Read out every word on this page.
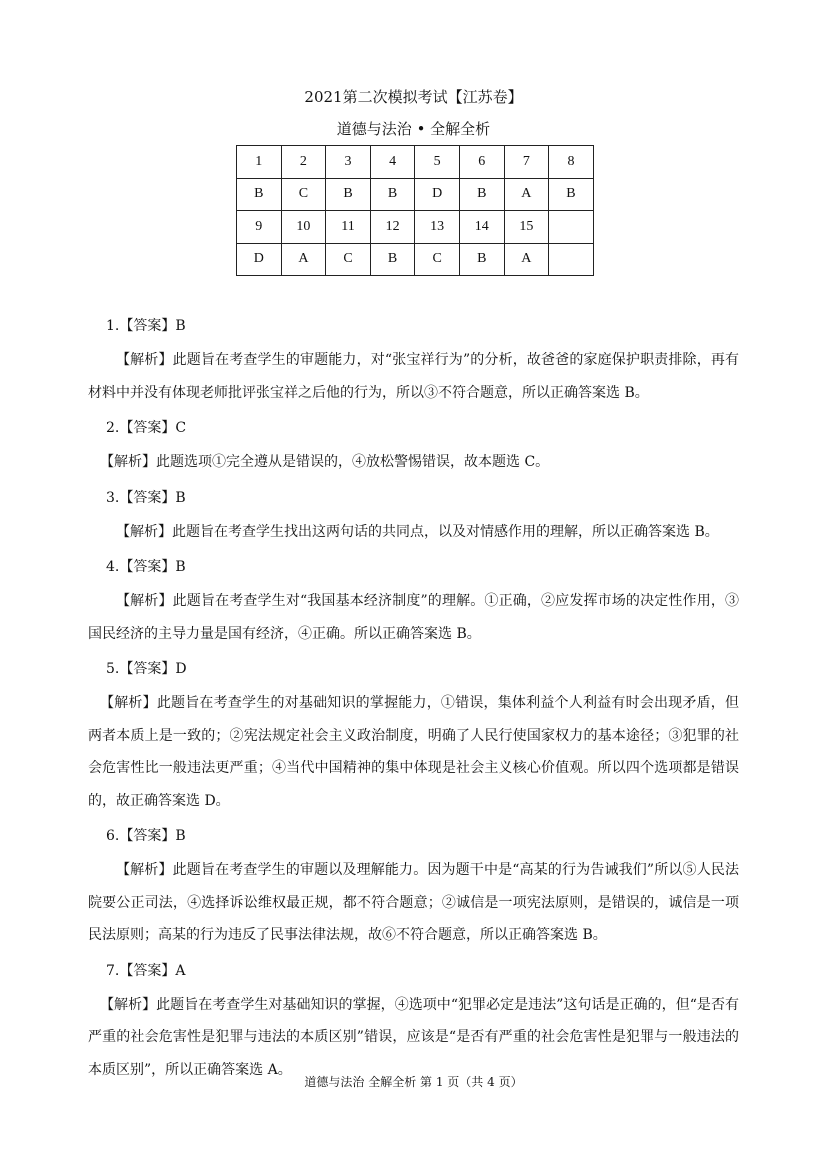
2021第二次模拟考试【江苏卷】
道德与法治 • 全解全析
1	2	3	4	5	6	7	8
B	C	B	B	D	B	A	B
9	10	11	12	13	14	15	
D	A	C	B	C	B	A	
1.【答案】B
【解析】此题旨在考查学生的审题能力，对“张宝祥行为”的分析，故爸爸的家庭保护职责排除，再有材料中并没有体现老师批评张宝祥之后他的行为，所以③不符合题意，所以正确答案选 B。
2.【答案】C
【解析】此题选项①完全遵从是错误的，④放松警惕错误，故本题选 C。
3.【答案】B
【解析】此题旨在考查学生找出这两句话的共同点，以及对情感作用的理解，所以正确答案选 B。
4.【答案】B
【解析】此题旨在考查学生对“我国基本经济制度”的理解。①正确，②应发挥市场的决定性作用，③国民经济的主导力量是国有经济，④正确。所以正确答案选 B。
5.【答案】D
【解析】此题旨在考查学生的对基础知识的掌握能力，①错误，集体利益个人利益有时会出现矛盾，但两者本质上是一致的；②宪法规定社会主义政治制度，明确了人民行使国家权力的基本途径；③犯罪的社会危害性比一般违法更严重；④当代中国精神的集中体现是社会主义核心价值观。所以四个选项都是错误的，故正确答案选 D。
6.【答案】B
【解析】此题旨在考查学生的审题以及理解能力。因为题干中是“高某的行为告诫我们”所以⑤人民法院要公正司法，④选择诉讼维权最正规，都不符合题意；②诚信是一项宪法原则，是错误的，诚信是一项民法原则；高某的行为违反了民事法律法规，故⑥不符合题意，所以正确答案选 B。
7.【答案】A
【解析】此题旨在考查学生对基础知识的掌握，④选项中“犯罪必定是违法”这句话是正确的，但“是否有严重的社会危害性是犯罪与违法的本质区别”错误，应该是“是否有严重的社会危害性是犯罪与一般违法的本质区别”，所以正确答案选 A。
道德与法治 全解全析 第 1 页（共 4 页）
